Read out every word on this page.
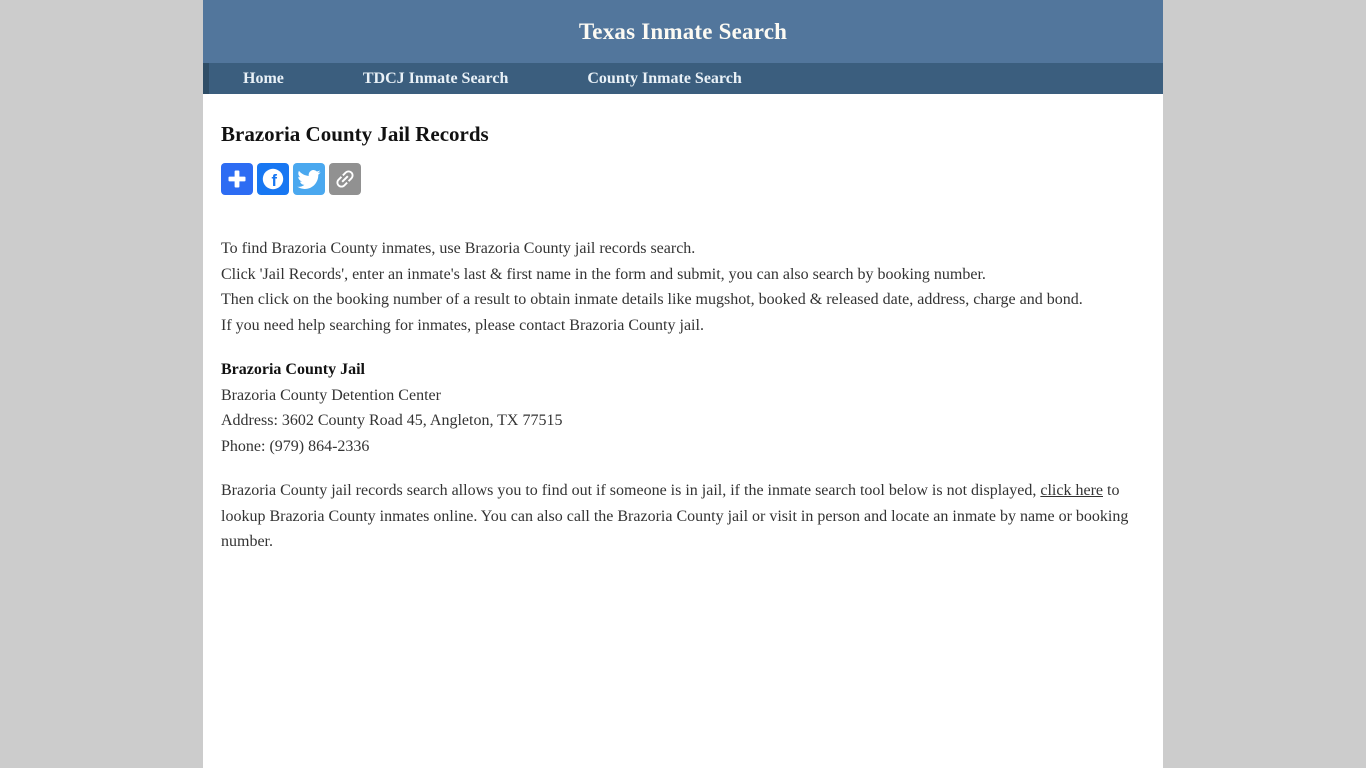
Texas Inmate Search
Home	TDCJ Inmate Search	County Inmate Search
Brazoria County Jail Records
f

To find Brazoria County inmates, use Brazoria County jail records search.
Click 'Jail Records', enter an inmate's last & first name in the form and submit, you can also search by booking number.
Then click on the booking number of a result to obtain inmate details like mugshot, booked & released date, address, charge and bond.
If you need help searching for inmates, please contact Brazoria County jail.

Brazoria County Jail
Brazoria County Detention Center
Address: 3602 County Road 45, Angleton, TX 77515
Phone: (979) 864-2336

Brazoria County jail records search allows you to find out if someone is in jail, if the inmate search tool below is not displayed, click here to lookup Brazoria County inmates online. You can also call the Brazoria County jail or visit in person and locate an inmate by name or booking number.
